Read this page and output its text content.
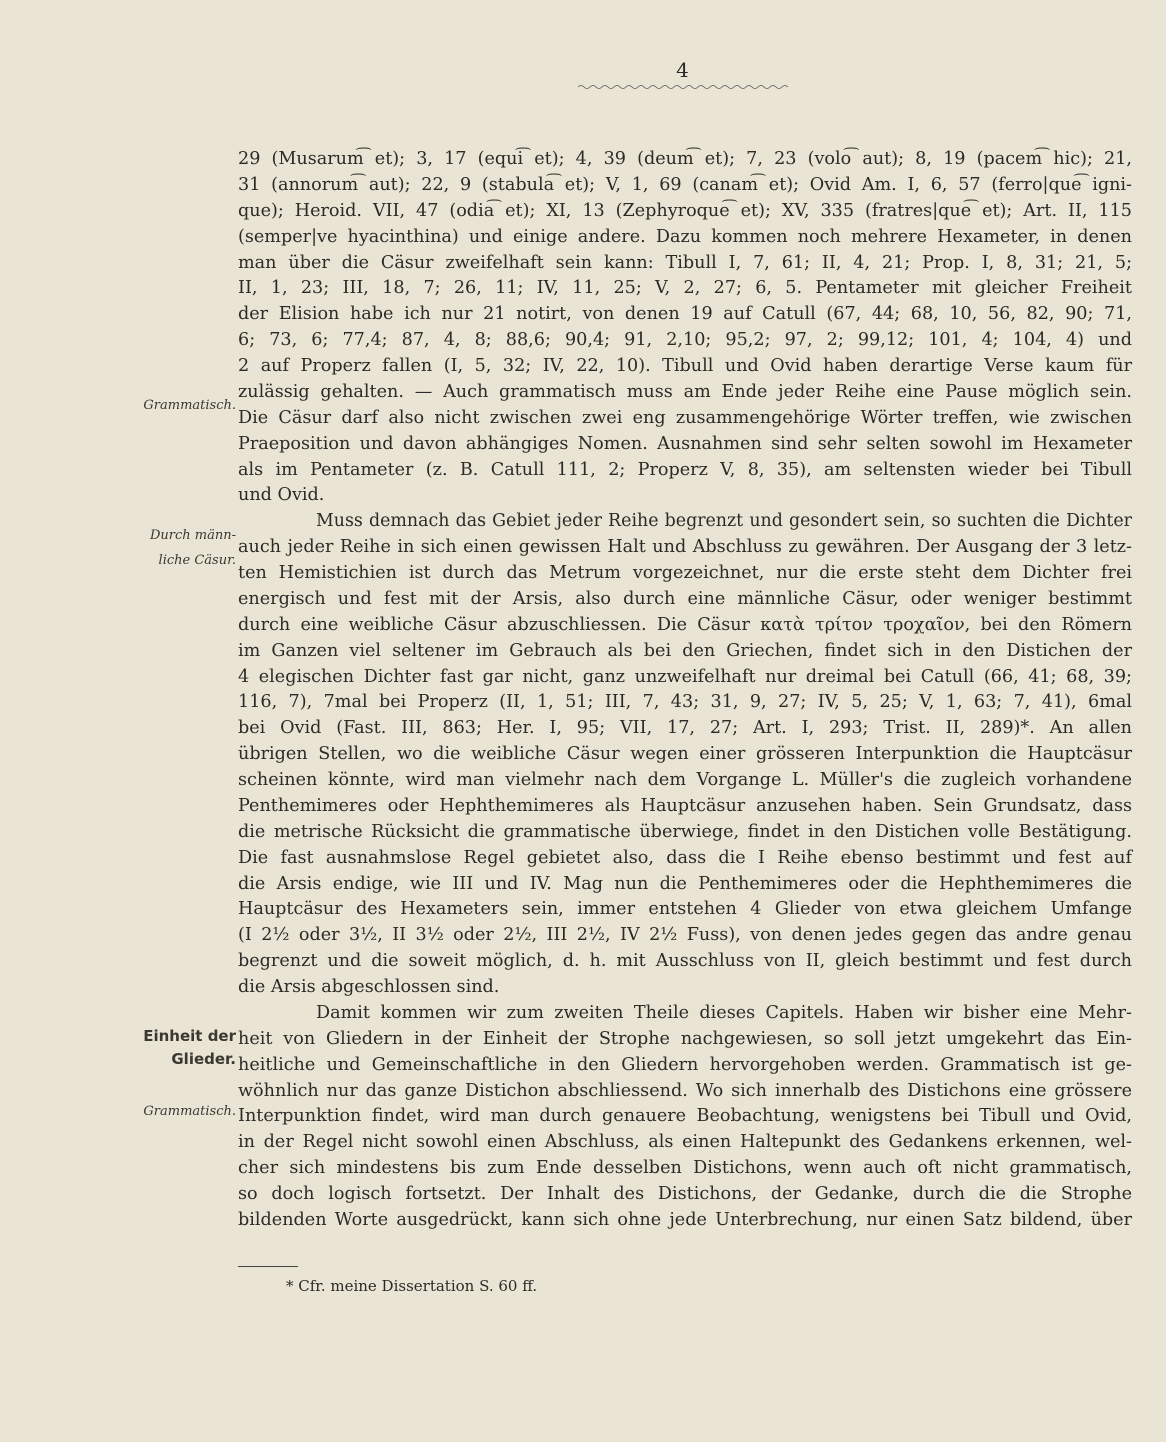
4
Grammatisch.
Durch männ-
liche Cäsur.
Einheit der
Glieder.
Grammatisch.
29 (Musarum͡ et); 3, 17 (equi͡ et); 4, 39 (deum͡ et); 7, 23 (volo͡ aut); 8, 19 (pacem͡ hic); 21,
31 (annorum͡ aut); 22, 9 (stabula͡ et); V, 1, 69 (canam͡ et); Ovid Am. I, 6, 57 (ferro|que͡ igni-
que); Heroid. VII, 47 (odia͡ et); XI, 13 (Zephyroque͡ et); XV, 335 (fratres|que͡ et); Art. II, 115
(semper|ve hyacinthina) und einige andere. Dazu kommen noch mehrere Hexameter, in denen
man über die Cäsur zweifelhaft sein kann: Tibull I, 7, 61; II, 4, 21; Prop. I, 8, 31; 21, 5;
II, 1, 23; III, 18, 7; 26, 11; IV, 11, 25; V, 2, 27; 6, 5. Pentameter mit gleicher Freiheit
der Elision habe ich nur 21 notirt, von denen 19 auf Catull (67, 44; 68, 10, 56, 82, 90; 71,
6; 73, 6; 77,4; 87, 4, 8; 88,6; 90,4; 91, 2,10; 95,2; 97, 2; 99,12; 101, 4; 104, 4) und
2 auf Properz fallen (I, 5, 32; IV, 22, 10). Tibull und Ovid haben derartige Verse kaum für
zulässig gehalten. — Auch grammatisch muss am Ende jeder Reihe eine Pause möglich sein.
Die Cäsur darf also nicht zwischen zwei eng zusammengehörige Wörter treffen, wie zwischen
Praeposition und davon abhängiges Nomen. Ausnahmen sind sehr selten sowohl im Hexameter
als im Pentameter (z. B. Catull 111, 2; Properz V, 8, 35), am seltensten wieder bei Tibull
und Ovid.
Muss demnach das Gebiet jeder Reihe begrenzt und gesondert sein, so suchten die Dichter
auch jeder Reihe in sich einen gewissen Halt und Abschluss zu gewähren. Der Ausgang der 3 letz-
ten Hemistichien ist durch das Metrum vorgezeichnet, nur die erste steht dem Dichter frei
energisch und fest mit der Arsis, also durch eine männliche Cäsur, oder weniger bestimmt
durch eine weibliche Cäsur abzuschliessen. Die Cäsur κατὰ τρίτον τροχαῖον, bei den Römern
im Ganzen viel seltener im Gebrauch als bei den Griechen, findet sich in den Distichen der
4 elegischen Dichter fast gar nicht, ganz unzweifelhaft nur dreimal bei Catull (66, 41; 68, 39;
116, 7), 7mal bei Properz (II, 1, 51; III, 7, 43; 31, 9, 27; IV, 5, 25; V, 1, 63; 7, 41), 6mal
bei Ovid (Fast. III, 863; Her. I, 95; VII, 17, 27; Art. I, 293; Trist. II, 289)*. An allen
übrigen Stellen, wo die weibliche Cäsur wegen einer grösseren Interpunktion die Hauptcäsur
scheinen könnte, wird man vielmehr nach dem Vorgange L. Müller's die zugleich vorhandene
Penthemimeres oder Hephthemimeres als Hauptcäsur anzusehen haben. Sein Grundsatz, dass
die metrische Rücksicht die grammatische überwiege, findet in den Distichen volle Bestätigung.
Die fast ausnahmslose Regel gebietet also, dass die I Reihe ebenso bestimmt und fest auf
die Arsis endige, wie III und IV. Mag nun die Penthemimeres oder die Hephthemimeres die
Hauptcäsur des Hexameters sein, immer entstehen 4 Glieder von etwa gleichem Umfange
(I 2½ oder 3½, II 3½ oder 2½, III 2½, IV 2½ Fuss), von denen jedes gegen das andre genau
begrenzt und die soweit möglich, d. h. mit Ausschluss von II, gleich bestimmt und fest durch
die Arsis abgeschlossen sind.
Damit kommen wir zum zweiten Theile dieses Capitels. Haben wir bisher eine Mehr-
heit von Gliedern in der Einheit der Strophe nachgewiesen, so soll jetzt umgekehrt das Ein-
heitliche und Gemeinschaftliche in den Gliedern hervorgehoben werden. Grammatisch ist ge-
wöhnlich nur das ganze Distichon abschliessend. Wo sich innerhalb des Distichons eine grössere
Interpunktion findet, wird man durch genauere Beobachtung, wenigstens bei Tibull und Ovid,
in der Regel nicht sowohl einen Abschluss, als einen Haltepunkt des Gedankens erkennen, wel-
cher sich mindestens bis zum Ende desselben Distichons, wenn auch oft nicht grammatisch,
so doch logisch fortsetzt. Der Inhalt des Distichons, der Gedanke, durch die die Strophe
bildenden Worte ausgedrückt, kann sich ohne jede Unterbrechung, nur einen Satz bildend, über
* Cfr. meine Dissertation S. 60 ff.
